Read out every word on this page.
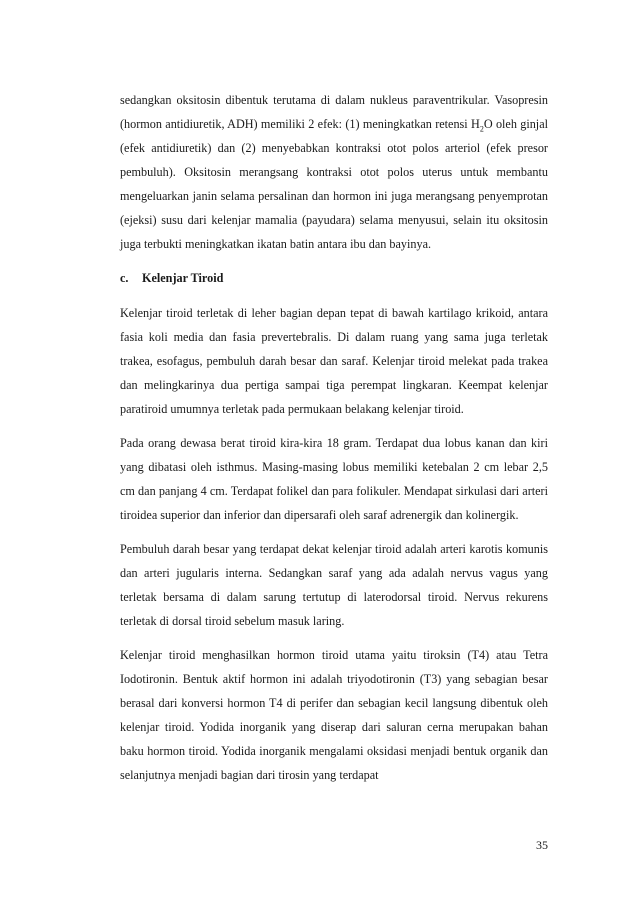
sedangkan oksitosin dibentuk terutama di dalam nukleus paraventrikular. Vasopresin (hormon antidiuretik, ADH) memiliki 2 efek: (1) meningkatkan retensi $H_2O$ oleh ginjal (efek antidiuretik) dan (2) menyebabkan kontraksi otot polos arteriol (efek presor pembuluh). Oksitosin merangsang kontraksi otot polos uterus untuk membantu mengeluarkan janin selama persalinan dan hormon ini juga merangsang penyemprotan (ejeksi) susu dari kelenjar mamalia (payudara) selama menyusui, selain itu oksitosin juga terbukti meningkatkan ikatan batin antara ibu dan bayinya.

c. Kelenjar Tiroid

Kelenjar tiroid terletak di leher bagian depan tepat di bawah kartilago krikoid, antara fasia koli media dan fasia prevertebralis. Di dalam ruang yang sama juga terletak trakea, esofagus, pembuluh darah besar dan saraf. Kelenjar tiroid melekat pada trakea dan melingkarinya dua pertiga sampai tiga perempat lingkaran. Keempat kelenjar paratiroid umumnya terletak pada permukaan belakang kelenjar tiroid.

Pada orang dewasa berat tiroid kira-kira 18 gram. Terdapat dua lobus kanan dan kiri yang dibatasi oleh isthmus. Masing-masing lobus memiliki ketebalan 2 cm lebar 2,5 cm dan panjang 4 cm. Terdapat folikel dan para folikuler. Mendapat sirkulasi dari arteri tiroidea superior dan inferior dan dipersarafi oleh saraf adrenergik dan kolinergik.

Pembuluh darah besar yang terdapat dekat kelenjar tiroid adalah arteri karotis komunis dan arteri jugularis interna. Sedangkan saraf yang ada adalah nervus vagus yang terletak bersama di dalam sarung tertutup di laterodorsal tiroid. Nervus rekurens terletak di dorsal tiroid sebelum masuk laring.

Kelenjar tiroid menghasilkan hormon tiroid utama yaitu tiroksin (T4) atau Tetra Iodotironin. Bentuk aktif hormon ini adalah triyodotironin (T3) yang sebagian besar berasal dari konversi hormon T4 di perifer dan sebagian kecil langsung dibentuk oleh kelenjar tiroid. Yodida inorganik yang diserap dari saluran cerna merupakan bahan baku hormon tiroid. Yodida inorganik mengalami oksidasi menjadi bentuk organik dan selanjutnya menjadi bagian dari tirosin yang terdapat

35
